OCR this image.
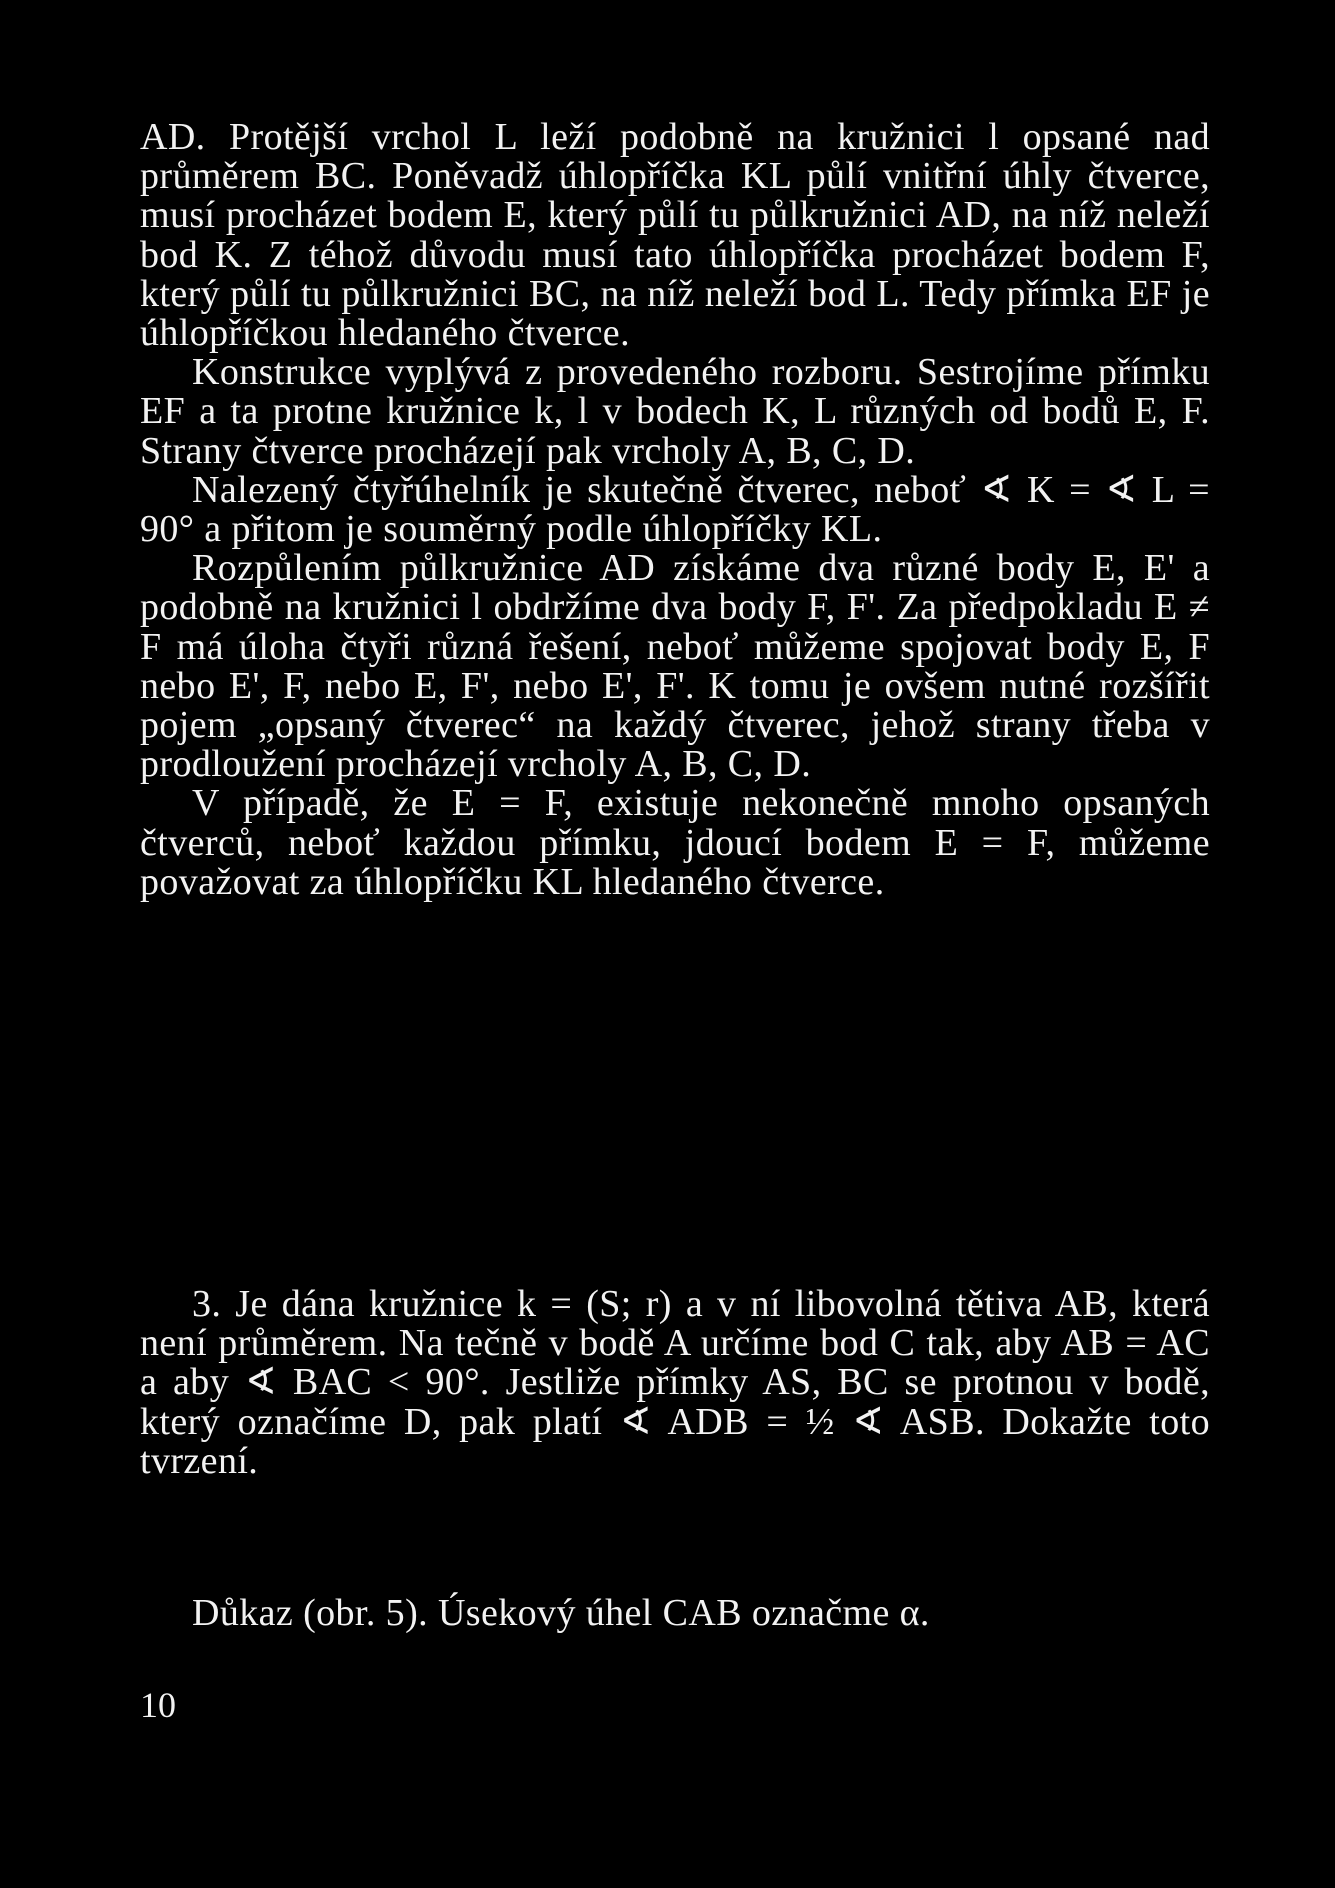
AD. Protější vrchol L leží podobně na kružnici l opsané nad průměrem BC. Poněvadž úhlopříčka KL půlí vnitřní úhly čtverce, musí procházet bodem E, který půlí tu půlkružnici AD, na níž neleží bod K. Z téhož důvodu musí tato úhlopříčka procházet bodem F, který půlí tu půlkružnici BC, na níž neleží bod L. Tedy přímka EF je úhlopříčkou hledaného čtverce.

Konstrukce vyplývá z provedeného rozboru. Sestrojíme přímku EF a ta protne kružnice k, l v bodech K, L různých od bodů E, F. Strany čtverce procházejí pak vrcholy A, B, C, D.

Nalezený čtyřúhelník je skutečně čtverec, neboť ∢ K = ∢ L = 90° a přitom je souměrný podle úhlopříčky KL.

Rozpůlením půlkružnice AD získáme dva různé body E, E' a podobně na kružnici l obdržíme dva body F, F'. Za předpokladu E ≠ F má úloha čtyři různá řešení, neboť můžeme spojovat body E, F nebo E', F, nebo E, F', nebo E', F'. K tomu je ovšem nutné rozšířit pojem „opsaný čtverec“ na každý čtverec, jehož strany třeba v prodloužení procházejí vrcholy A, B, C, D.

V případě, že E = F, existuje nekonečně mnoho opsaných čtverců, neboť každou přímku, jdoucí bodem E = F, můžeme považovat za úhlopříčku KL hledaného čtverce.

3. Je dána kružnice k = (S; r) a v ní libovolná tětiva AB, která není průměrem. Na tečně v bodě A určíme bod C tak, aby AB = AC a aby ∢ BAC < 90°. Jestliže přímky AS, BC se protnou v bodě, který označíme D, pak platí ∢ ADB = ½ ∢ ASB. Dokažte toto tvrzení.

Důkaz (obr. 5). Úsekový úhel CAB označme α.

10
